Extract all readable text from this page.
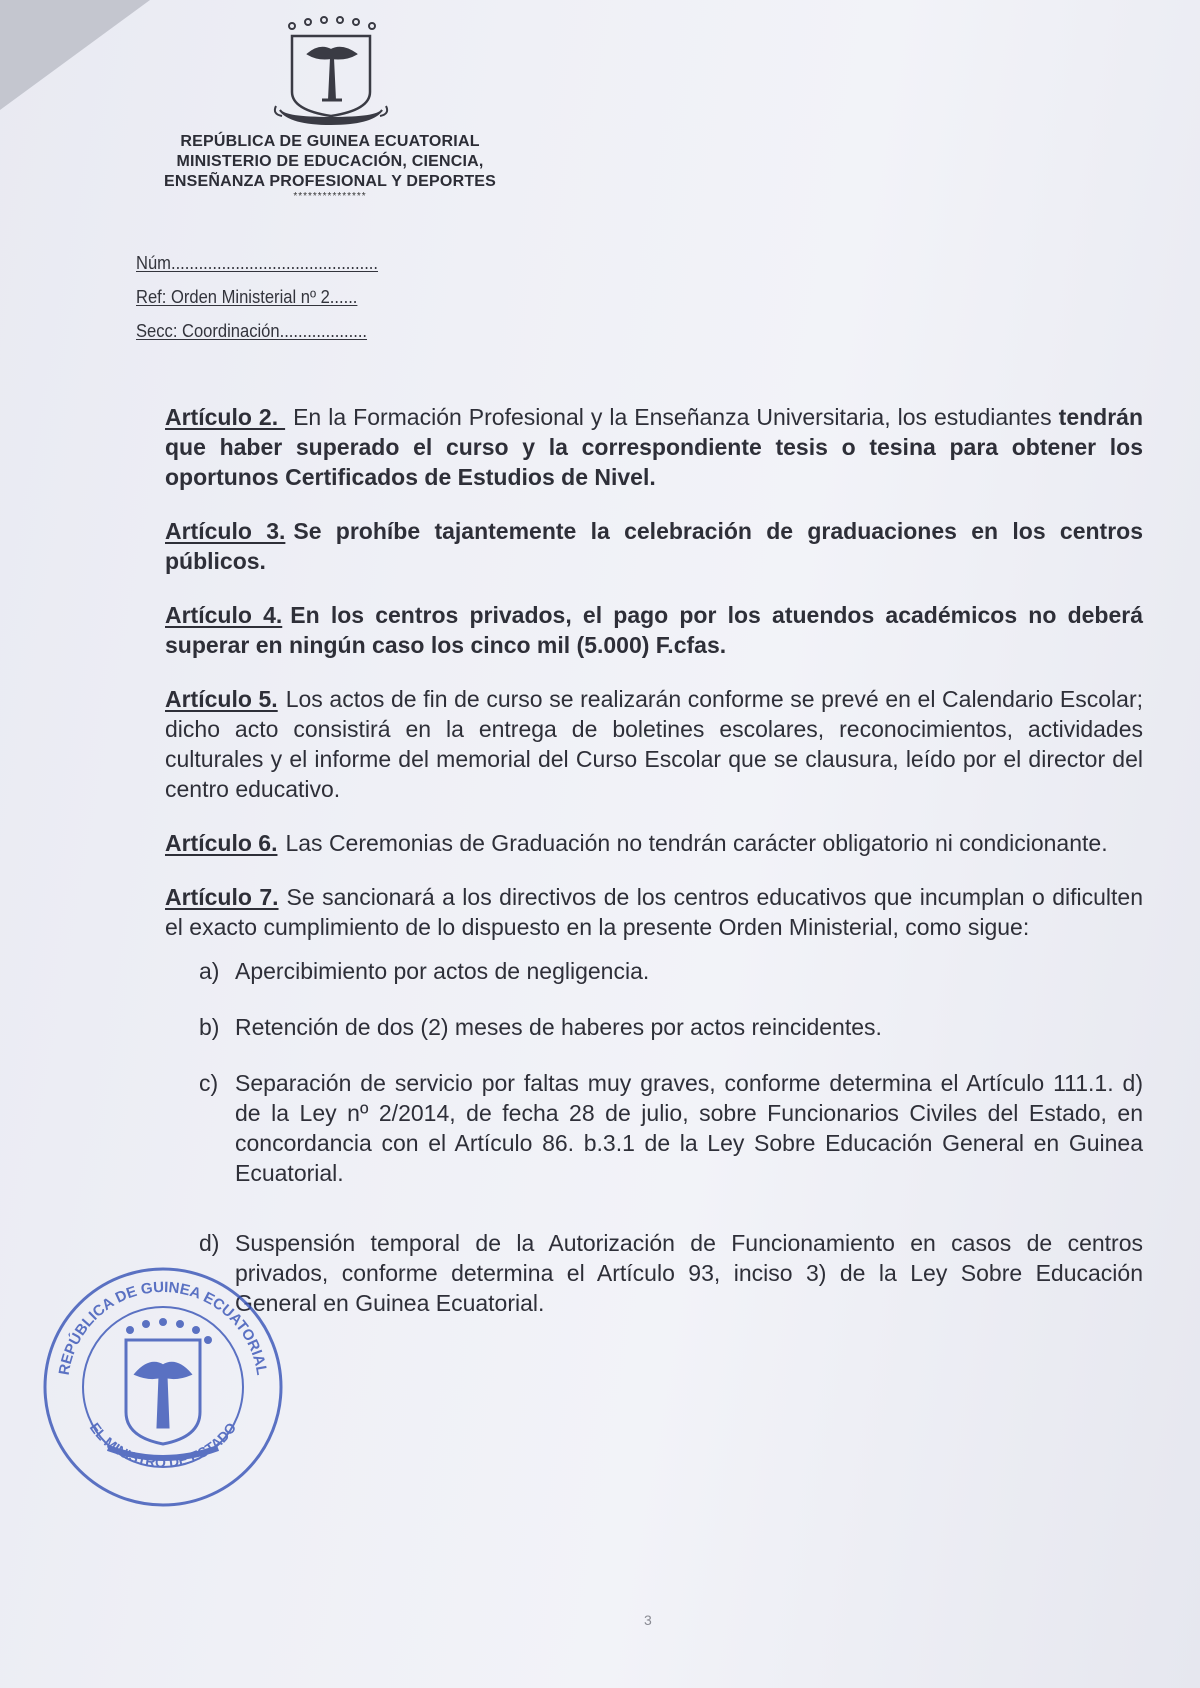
REPÚBLICA DE GUINEA ECUATORIAL

MINISTERIO DE EDUCACIÓN, CIENCIA,

ENSEÑANZA PROFESIONAL Y DEPORTES

***************
Núm.............................................
Ref: Orden Ministerial nº 2......
Secc: Coordinación...................

Artículo 2. En la Formación Profesional y la Enseñanza Universitaria, los estudiantes tendrán que haber superado el curso y la correspondiente tesis o tesina para obtener los oportunos Certificados de Estudios de Nivel.

Artículo 3. Se prohíbe tajantemente la celebración de graduaciones en los centros públicos.

Artículo 4. En los centros privados, el pago por los atuendos académicos no deberá superar en ningún caso los cinco mil (5.000) F.cfas.

Artículo 5. Los actos de fin de curso se realizarán conforme se prevé en el Calendario Escolar; dicho acto consistirá en la entrega de boletines escolares, reconocimientos, actividades culturales y el informe del memorial del Curso Escolar que se clausura, leído por el director del centro educativo.

Artículo 6. Las Ceremonias de Graduación no tendrán carácter obligatorio ni condicionante.

Artículo 7. Se sancionará a los directivos de los centros educativos que incumplan o dificulten el exacto cumplimiento de lo dispuesto en la presente Orden Ministerial, como sigue:

a) Apercibimiento por actos de negligencia.
b) Retención de dos (2) meses de haberes por actos reincidentes.
c) Separación de servicio por faltas muy graves, conforme determina el Artículo 111.1. d) de la Ley nº 2/2014, de fecha 28 de julio, sobre Funcionarios Civiles del Estado, en concordancia con el Artículo 86. b.3.1 de la Ley Sobre Educación General en Guinea Ecuatorial.
d) Suspensión temporal de la Autorización de Funcionamiento en casos de centros privados, conforme determina el Artículo 93, inciso 3) de la Ley Sobre Educación General en Guinea Ecuatorial.
REPÚBLICA DE GUINEA ECUATORIAL
EL MINISTRO DE ESTADO
3
